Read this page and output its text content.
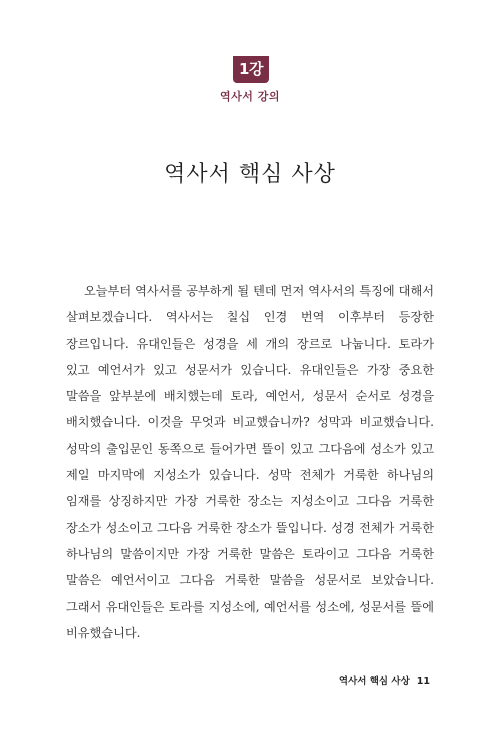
1강
역사서 강의
역사서 핵심 사상

오늘부터 역사서를 공부하게 될 텐데 먼저 역사서의 특징에 대해서 살펴보겠습니다. 역사서는 칠십 인경 번역 이후부터 등장한 장르입니다. 유대인들은 성경을 세 개의 장르로 나눕니다. 토라가 있고 예언서가 있고 성문서가 있습니다. 유대인들은 가장 중요한 말씀을 앞부분에 배치했는데 토라, 예언서, 성문서 순서로 성경을 배치했습니다. 이것을 무엇과 비교했습니까? 성막과 비교했습니다. 성막의 출입문인 동쪽으로 들어가면 뜰이 있고 그다음에 성소가 있고 제일 마지막에 지성소가 있습니다. 성막 전체가 거룩한 하나님의 임재를 상징하지만 가장 거룩한 장소는 지성소이고 그다음 거룩한 장소가 성소이고 그다음 거룩한 장소가 뜰입니다. 성경 전체가 거룩한 하나님의 말씀이지만 가장 거룩한 말씀은 토라이고 그다음 거룩한 말씀은 예언서이고 그다음 거룩한 말씀을 성문서로 보았습니다. 그래서 유대인들은 토라를 지성소에, 예언서를 성소에, 성문서를 뜰에 비유했습니다.

역사서 핵심 사상 11
